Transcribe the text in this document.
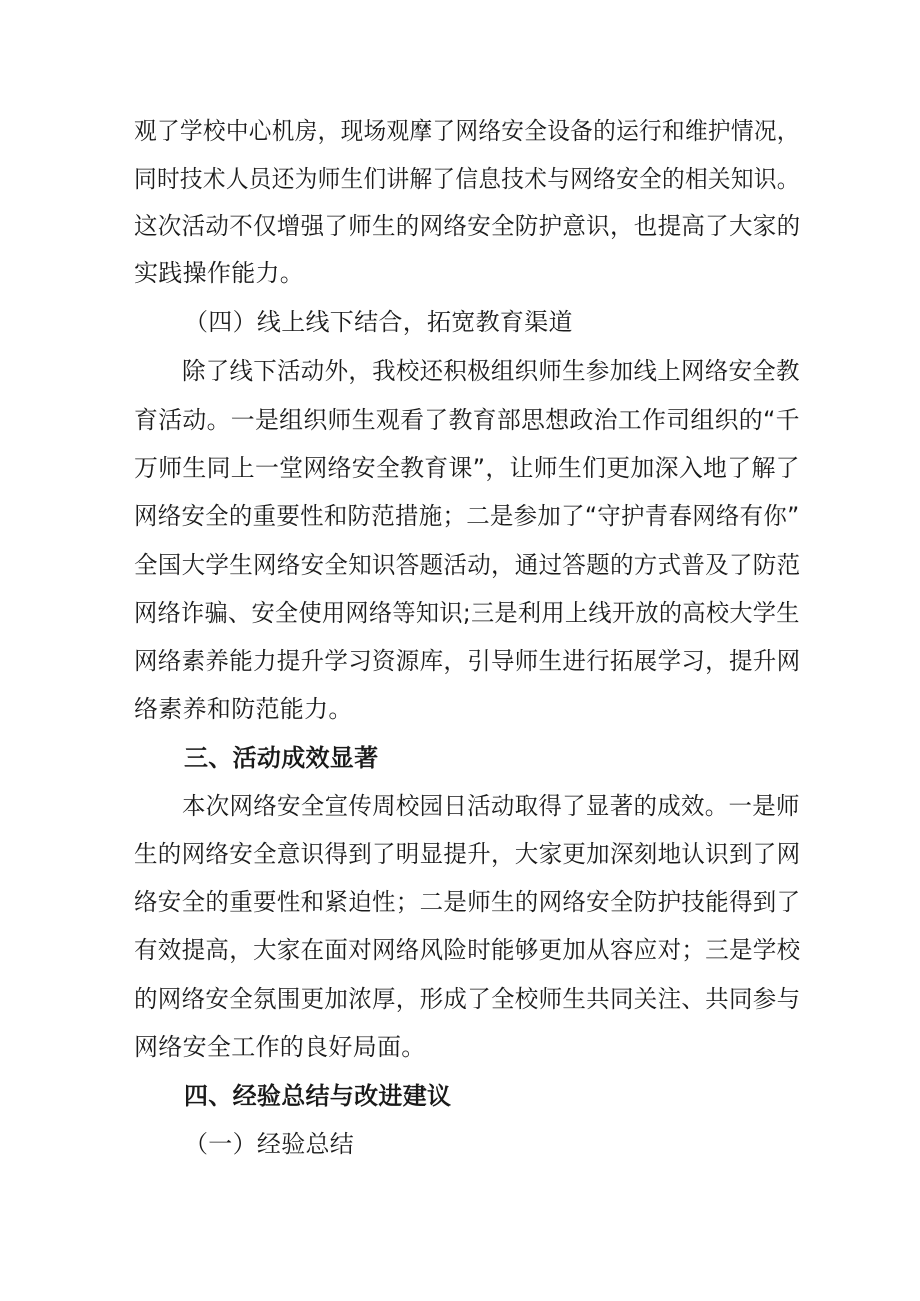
观了学校中心机房，现场观摩了网络安全设备的运行和维护情况，
同时技术人员还为师生们讲解了信息技术与网络安全的相关知识。
这次活动不仅增强了师生的网络安全防护意识，也提高了大家的
实践操作能力。
（四）线上线下结合，拓宽教育渠道
除了线下活动外，我校还积极组织师生参加线上网络安全教
育活动。一是组织师生观看了教育部思想政治工作司组织的“千
万师生同上一堂网络安全教育课”，让师生们更加深入地了解了
网络安全的重要性和防范措施；二是参加了“守护青春网络有你”
全国大学生网络安全知识答题活动，通过答题的方式普及了防范
网络诈骗、安全使用网络等知识;三是利用上线开放的高校大学生
网络素养能力提升学习资源库，引导师生进行拓展学习，提升网
络素养和防范能力。
三、活动成效显著
本次网络安全宣传周校园日活动取得了显著的成效。一是师
生的网络安全意识得到了明显提升，大家更加深刻地认识到了网
络安全的重要性和紧迫性；二是师生的网络安全防护技能得到了
有效提高，大家在面对网络风险时能够更加从容应对；三是学校
的网络安全氛围更加浓厚，形成了全校师生共同关注、共同参与
网络安全工作的良好局面。
四、经验总结与改进建议
（一）经验总结
